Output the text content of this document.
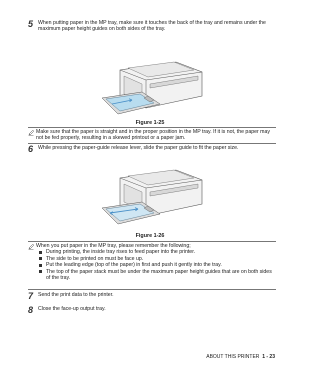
5 When putting paper in the MP tray, make sure it touches the back of the tray and remains under the maximum paper height guides on both sides of the tray.
Figure 1-25
Make sure that the paper is straight and in the proper position in the MP tray. If it is not, the paper may not be fed properly, resulting in a skewed printout or a paper jam.
6 While pressing the paper-guide release lever, slide the paper guide to fit the paper size.
Figure 1-26
When you put paper in the MP tray, please remember the following;
During printing, the inside tray rises to feed paper into the printer.
The side to be printed on must be face up.
Put the leading edge (top of the paper) in first and push it gently into the tray.
The top of the paper stack must be under the maximum paper height guides that are on both sides of the tray.
7 Send the print data to the printer.
8 Close the face-up output tray.
ABOUT THIS PRINTER 1 - 23
